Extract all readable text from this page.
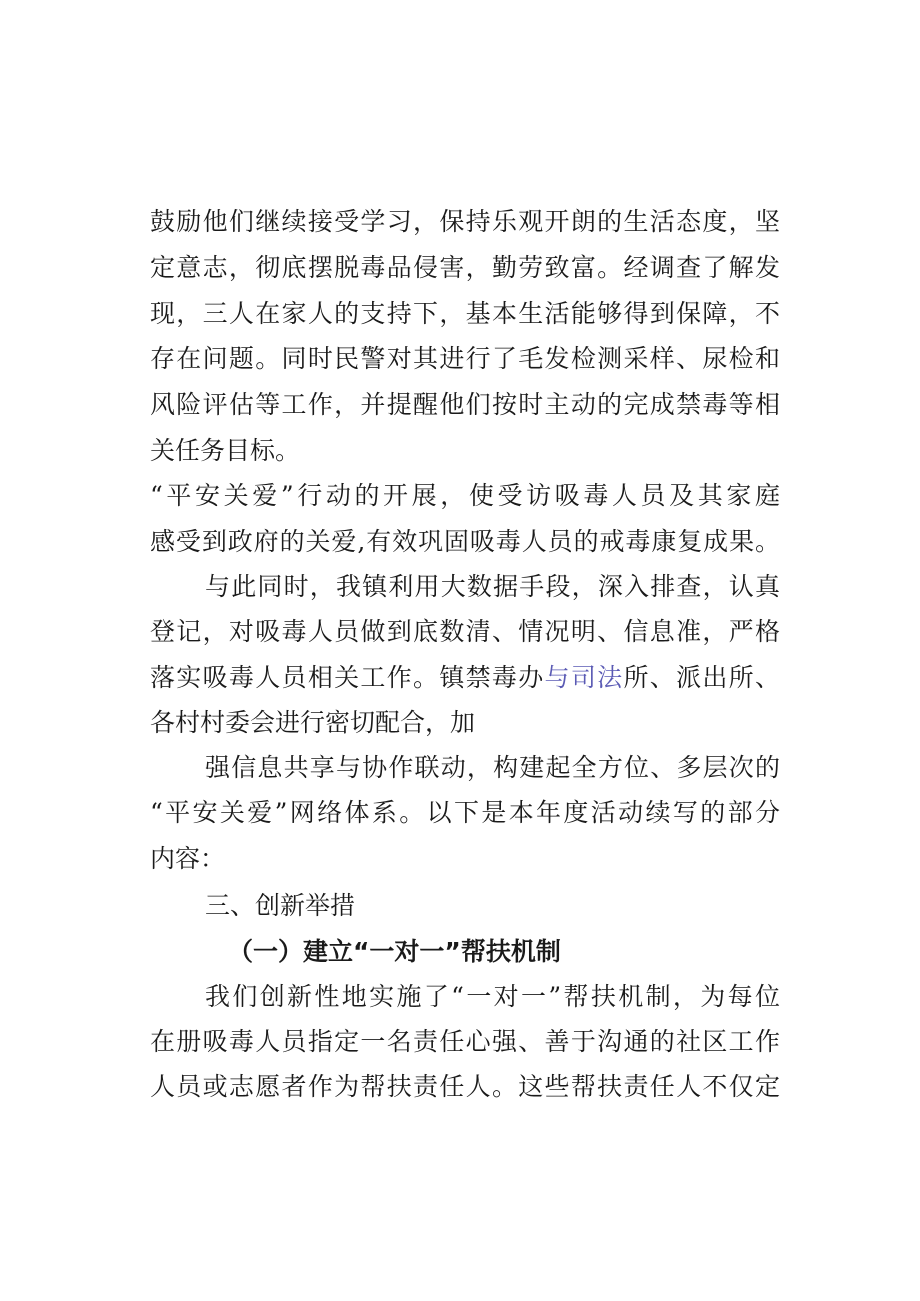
鼓励他们继续接受学习，保持乐观开朗的生活态度，坚
定意志，彻底摆脱毒品侵害，勤劳致富。经调查了解发
现，三人在家人的支持下，基本生活能够得到保障，不
存在问题。同时民警对其进行了毛发检测采样、尿检和
风险评估等工作，并提醒他们按时主动的完成禁毒等相
关任务目标。
“平安关爱”行动的开展，使受访吸毒人员及其家庭
感受到政府的关爱,有效巩固吸毒人员的戒毒康复成果。
与此同时，我镇利用大数据手段，深入排查，认真
登记，对吸毒人员做到底数清、情况明、信息准，严格
落实吸毒人员相关工作。镇禁毒办与司法所、派出所、
各村村委会进行密切配合，加
强信息共享与协作联动，构建起全方位、多层次的
“平安关爱”网络体系。以下是本年度活动续写的部分
内容：
三、创新举措
（一）建立“一对一”帮扶机制
我们创新性地实施了“一对一”帮扶机制，为每位
在册吸毒人员指定一名责任心强、善于沟通的社区工作
人员或志愿者作为帮扶责任人。这些帮扶责任人不仅定
